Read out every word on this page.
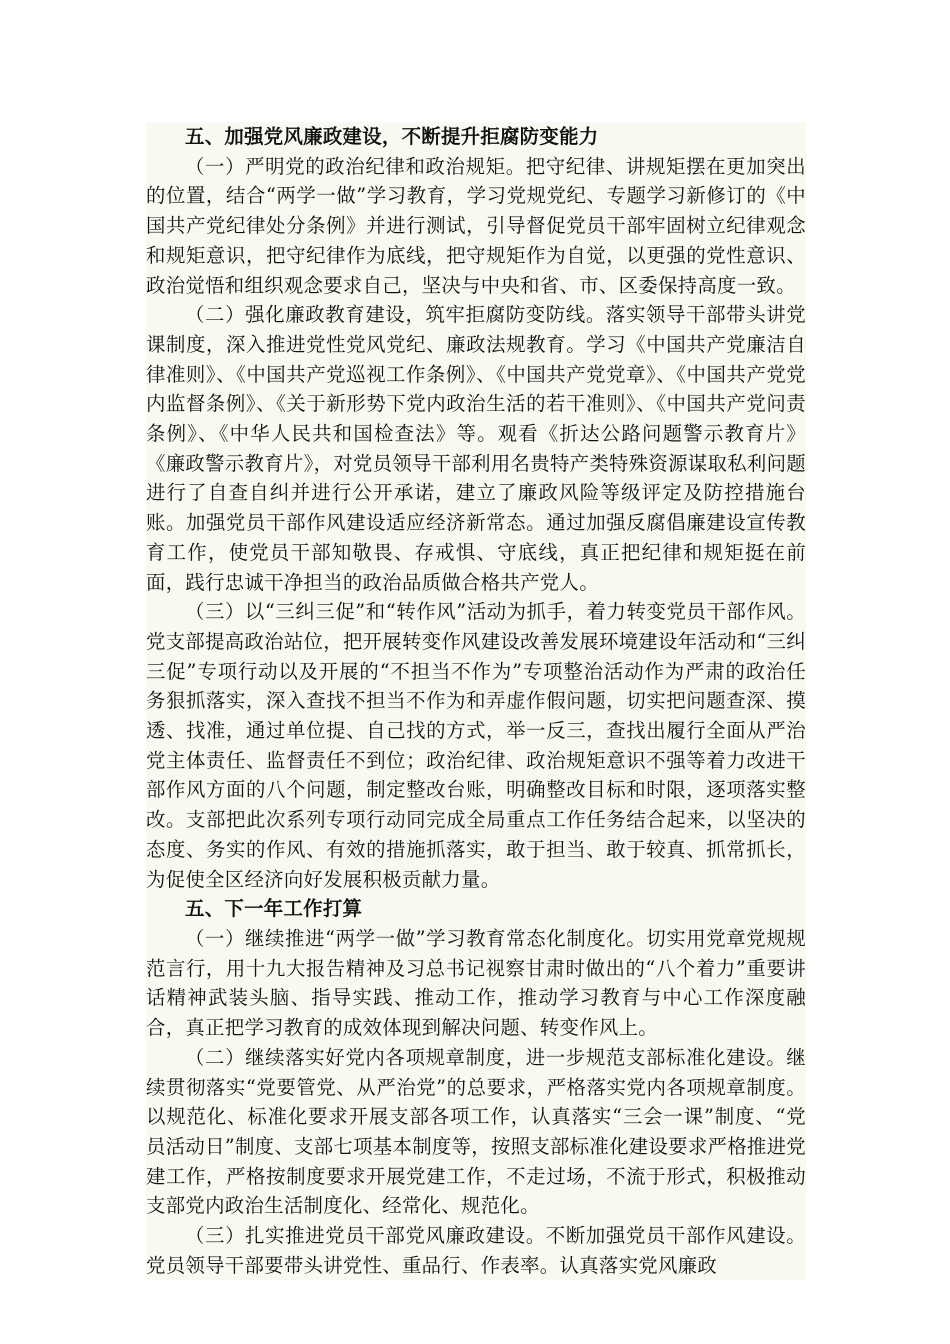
五、加强党风廉政建设，不断提升拒腐防变能力

（一）严明党的政治纪律和政治规矩。把守纪律、讲规矩摆在更加突出的位置，结合“两学一做”学习教育，学习党规党纪、专题学习新修订的《中国共产党纪律处分条例》并进行测试，引导督促党员干部牢固树立纪律观念和规矩意识，把守纪律作为底线，把守规矩作为自觉，以更强的党性意识、政治觉悟和组织观念要求自己，坚决与中央和省、市、区委保持高度一致。

（二）强化廉政教育建设，筑牢拒腐防变防线。落实领导干部带头讲党课制度，深入推进党性党风党纪、廉政法规教育。学习《中国共产党廉洁自律准则》、《中国共产党巡视工作条例》、《中国共产党党章》、《中国共产党党内监督条例》、《关于新形势下党内政治生活的若干准则》、《中国共产党问责条例》、《中华人民共和国检查法》等。观看《折达公路问题警示教育片》《廉政警示教育片》，对党员领导干部利用名贵特产类特殊资源谋取私利问题进行了自查自纠并进行公开承诺，建立了廉政风险等级评定及防控措施台账。加强党员干部作风建设适应经济新常态。通过加强反腐倡廉建设宣传教育工作，使党员干部知敬畏、存戒惧、守底线，真正把纪律和规矩挺在前面，践行忠诚干净担当的政治品质做合格共产党人。

（三）以“三纠三促”和“转作风”活动为抓手，着力转变党员干部作风。党支部提高政治站位，把开展转变作风建设改善发展环境建设年活动和“三纠三促”专项行动以及开展的“不担当不作为”专项整治活动作为严肃的政治任务狠抓落实，深入查找不担当不作为和弄虚作假问题，切实把问题查深、摸透、找准，通过单位提、自己找的方式，举一反三，查找出履行全面从严治党主体责任、监督责任不到位；政治纪律、政治规矩意识不强等着力改进干部作风方面的八个问题，制定整改台账，明确整改目标和时限，逐项落实整改。支部把此次系列专项行动同完成全局重点工作任务结合起来，以坚决的态度、务实的作风、有效的措施抓落实，敢于担当、敢于较真、抓常抓长，为促使全区经济向好发展积极贡献力量。

五、下一年工作打算

（一）继续推进“两学一做”学习教育常态化制度化。切实用党章党规规范言行，用十九大报告精神及习总书记视察甘肃时做出的“八个着力”重要讲话精神武装头脑、指导实践、推动工作，推动学习教育与中心工作深度融合，真正把学习教育的成效体现到解决问题、转变作风上。

（二）继续落实好党内各项规章制度，进一步规范支部标准化建设。继续贯彻落实“党要管党、从严治党”的总要求，严格落实党内各项规章制度。以规范化、标准化要求开展支部各项工作，认真落实“三会一课”制度、“党员活动日”制度、支部七项基本制度等，按照支部标准化建设要求严格推进党建工作，严格按制度要求开展党建工作，不走过场，不流于形式，积极推动支部党内政治生活制度化、经常化、规范化。

（三）扎实推进党员干部党风廉政建设。不断加强党员干部作风建设。党员领导干部要带头讲党性、重品行、作表率。认真落实党风廉政
